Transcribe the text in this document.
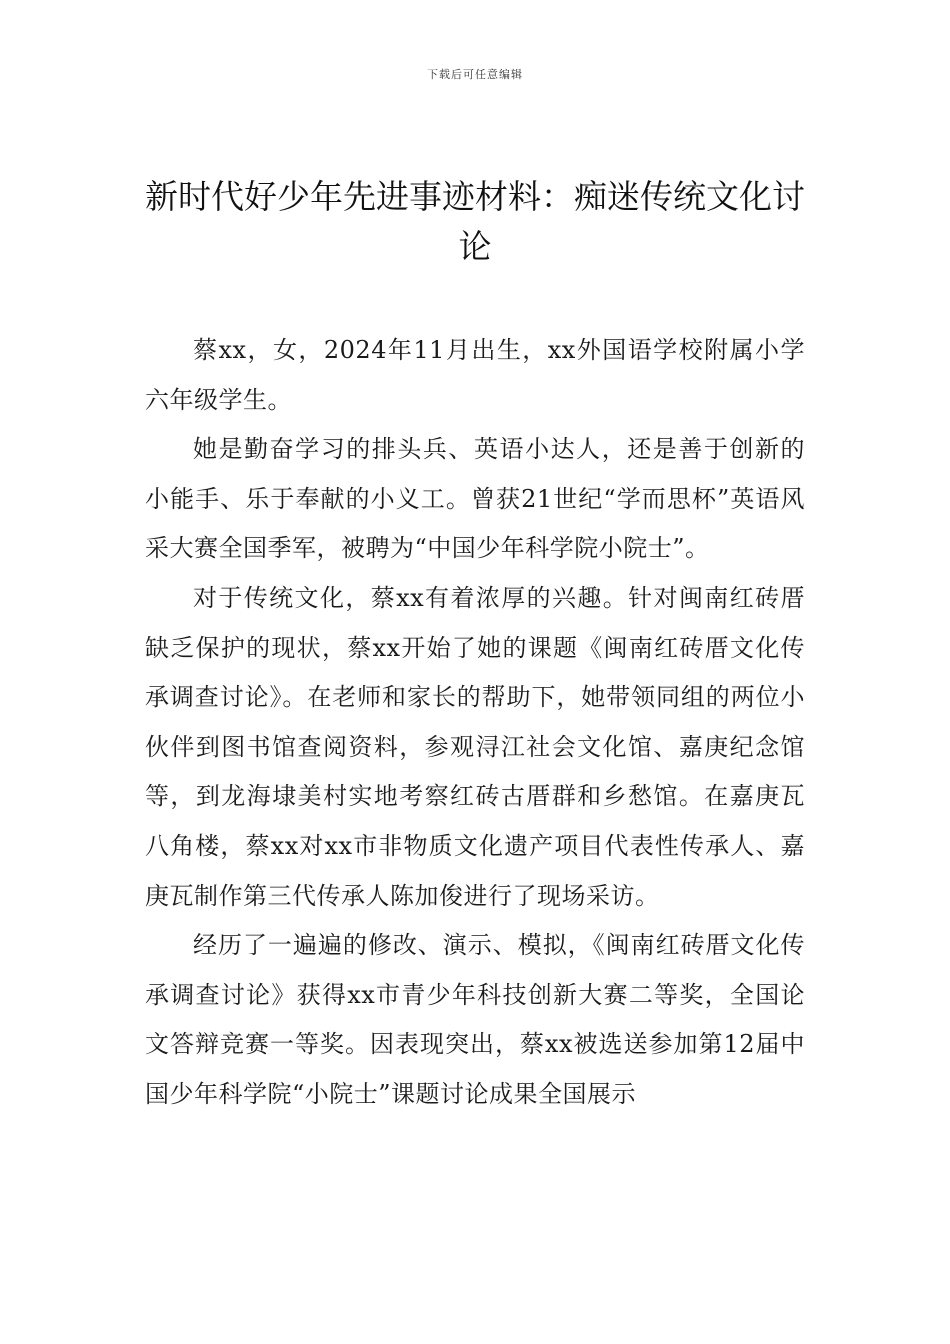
下载后可任意编辑
新时代好少年先进事迹材料：痴迷传统文化讨论

蔡xx，女，2024年11月出生，xx外国语学校附属小学六年级学生。

她是勤奋学习的排头兵、英语小达人，还是善于创新的小能手、乐于奉献的小义工。曾获21世纪“学而思杯”英语风采大赛全国季军，被聘为“中国少年科学院小院士”。

对于传统文化，蔡xx有着浓厚的兴趣。针对闽南红砖厝缺乏保护的现状，蔡xx开始了她的课题《闽南红砖厝文化传承调查讨论》。在老师和家长的帮助下，她带领同组的两位小伙伴到图书馆查阅资料，参观浔江社会文化馆、嘉庚纪念馆等，到龙海埭美村实地考察红砖古厝群和乡愁馆。在嘉庚瓦八角楼，蔡xx对xx市非物质文化遗产项目代表性传承人、嘉庚瓦制作第三代传承人陈加俊进行了现场采访。

经历了一遍遍的修改、演示、模拟，《闽南红砖厝文化传承调查讨论》获得xx市青少年科技创新大赛二等奖，全国论文答辩竞赛一等奖。因表现突出，蔡xx被选送参加第12届中国少年科学院“小院士”课题讨论成果全国展示
